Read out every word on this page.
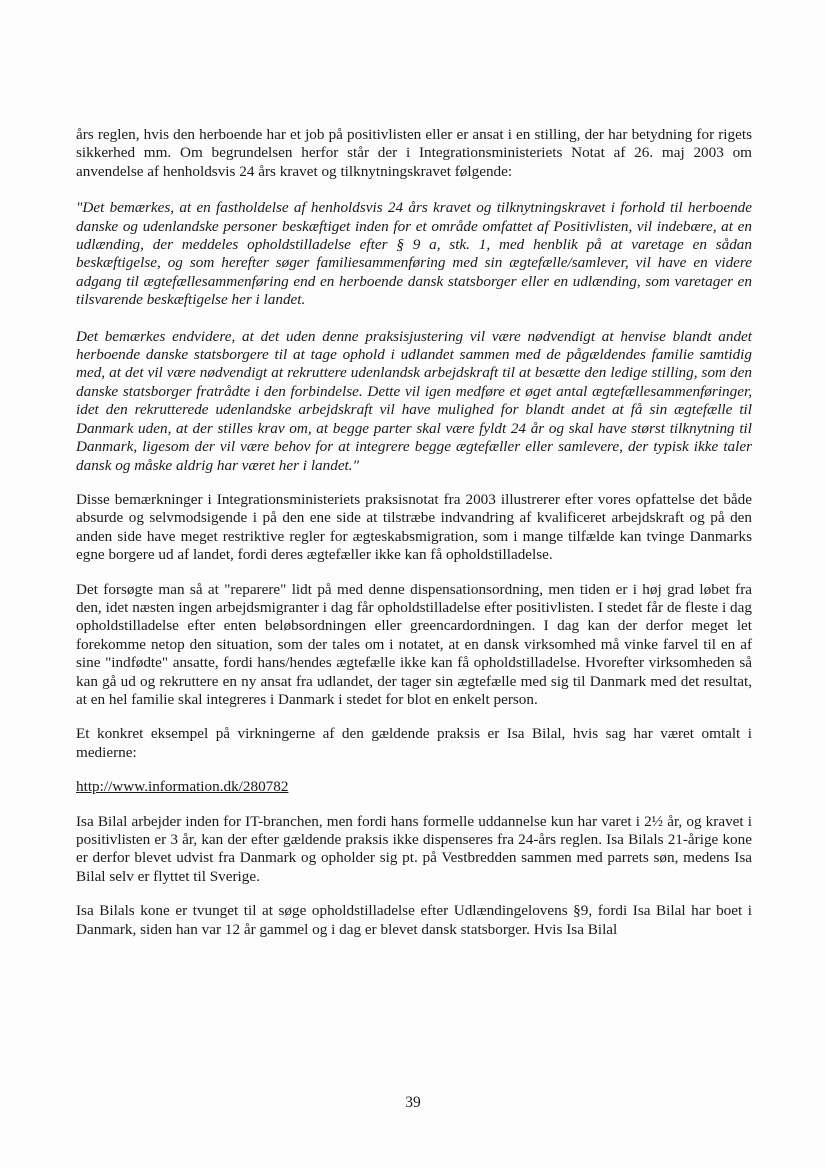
års reglen, hvis den herboende har et job på positivlisten eller er ansat i en stilling, der har betydning for rigets sikkerhed mm. Om begrundelsen herfor står der i Integrationsministeriets Notat af 26. maj 2003 om anvendelse af henholdsvis 24 års kravet og tilknytningskravet følgende:

"Det bemærkes, at en fastholdelse af henholdsvis 24 års kravet og tilknytningskravet i forhold til herboende danske og udenlandske personer beskæftiget inden for et område omfattet af Positivlisten, vil indebære, at en udlænding, der meddeles opholdstilladelse efter § 9 a, stk. 1, med henblik på at varetage en sådan beskæftigelse, og som herefter søger familiesammenføring med sin ægtefælle/samlever, vil have en videre adgang til ægtefællesammenføring end en herboende dansk statsborger eller en udlænding, som varetager en tilsvarende beskæftigelse her i landet.

Det bemærkes endvidere, at det uden denne praksisjustering vil være nødvendigt at henvise blandt andet herboende danske statsborgere til at tage ophold i udlandet sammen med de pågældendes familie samtidig med, at det vil være nødvendigt at rekruttere udenlandsk arbejdskraft til at besætte den ledige stilling, som den danske statsborger fratrådte i den forbindelse. Dette vil igen medføre et øget antal ægtefællesammenføringer, idet den rekrutterede udenlandske arbejdskraft vil have mulighed for blandt andet at få sin ægtefælle til Danmark uden, at der stilles krav om, at begge parter skal være fyldt 24 år og skal have størst tilknytning til Danmark, ligesom der vil være behov for at integrere begge ægtefæller eller samlevere, der typisk ikke taler dansk og måske aldrig har været her i landet."

Disse bemærkninger i Integrationsministeriets praksisnotat fra 2003 illustrerer efter vores opfattelse det både absurde og selvmodsigende i på den ene side at tilstræbe indvandring af kvalificeret arbejdskraft og på den anden side have meget restriktive regler for ægteskabsmigration, som i mange tilfælde kan tvinge Danmarks egne borgere ud af landet, fordi deres ægtefæller ikke kan få opholdstilladelse.

Det forsøgte man så at "reparere" lidt på med denne dispensationsordning, men tiden er i høj grad løbet fra den, idet næsten ingen arbejdsmigranter i dag får opholdstilladelse efter positivlisten. I stedet får de fleste i dag opholdstilladelse efter enten beløbsordningen eller greencardordningen. I dag kan der derfor meget let forekomme netop den situation, som der tales om i notatet, at en dansk virksomhed må vinke farvel til en af sine "indfødte" ansatte, fordi hans/hendes ægtefælle ikke kan få opholdstilladelse. Hvorefter virksomheden så kan gå ud og rekruttere en ny ansat fra udlandet, der tager sin ægtefælle med sig til Danmark med det resultat, at en hel familie skal integreres i Danmark i stedet for blot en enkelt person.

Et konkret eksempel på virkningerne af den gældende praksis er Isa Bilal, hvis sag har været omtalt i medierne:

http://www.information.dk/280782

Isa Bilal arbejder inden for IT-branchen, men fordi hans formelle uddannelse kun har varet i 2½ år, og kravet i positivlisten er 3 år, kan der efter gældende praksis ikke dispenseres fra 24-års reglen. Isa Bilals 21-årige kone er derfor blevet udvist fra Danmark og opholder sig pt. på Vestbredden sammen med parrets søn, medens Isa Bilal selv er flyttet til Sverige.

Isa Bilals kone er tvunget til at søge opholdstilladelse efter Udlændingelovens §9, fordi Isa Bilal har boet i Danmark, siden han var 12 år gammel og i dag er blevet dansk statsborger. Hvis Isa Bilal

39
